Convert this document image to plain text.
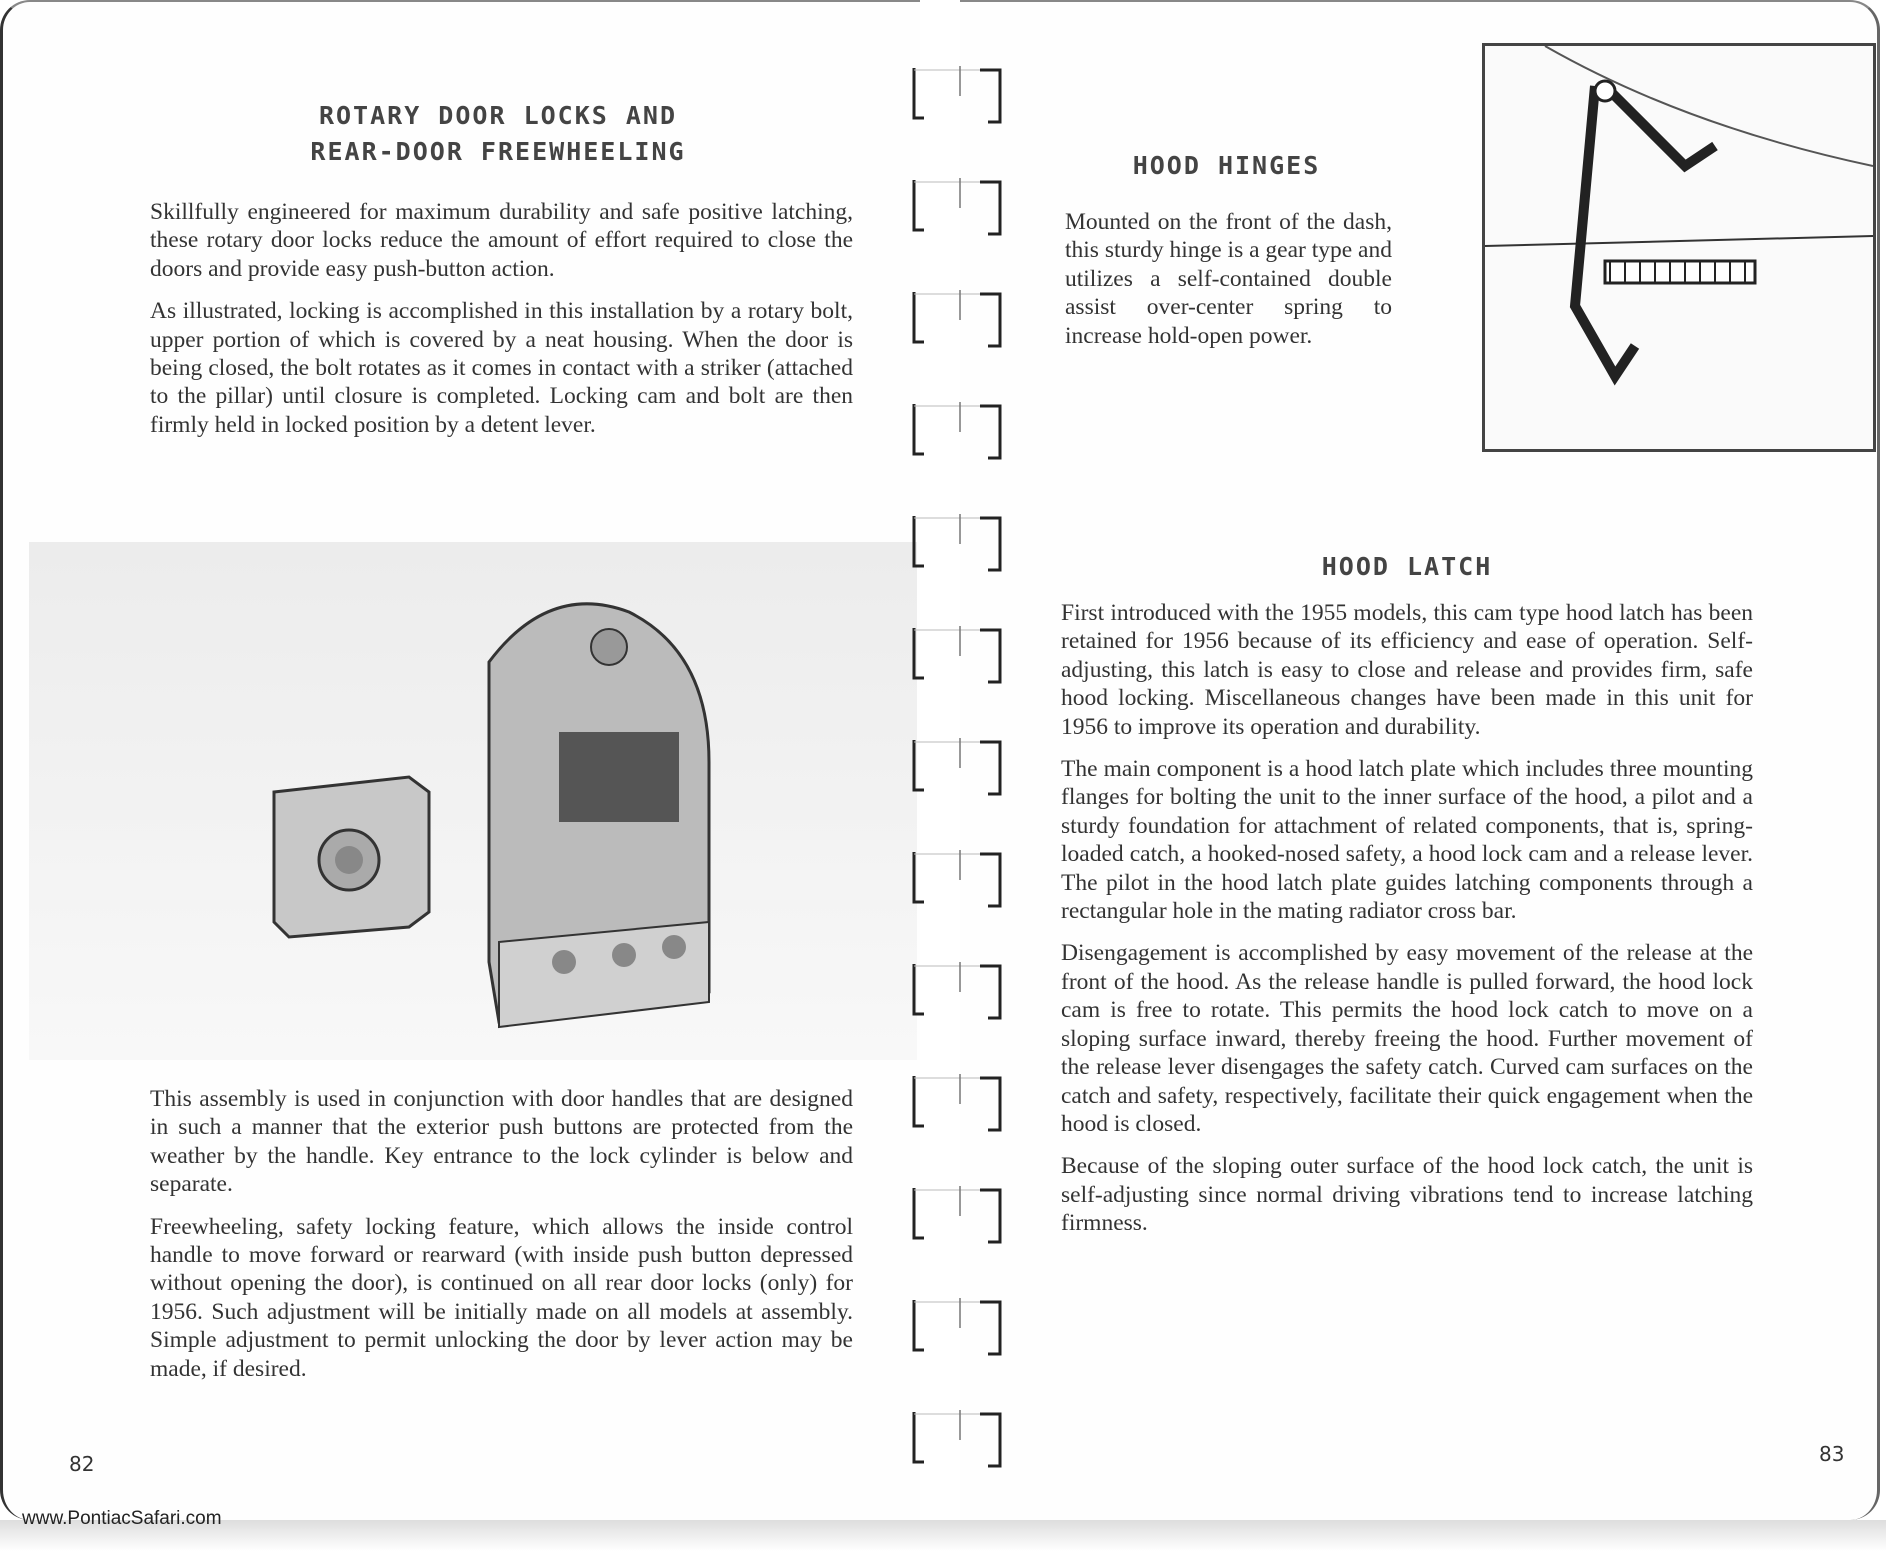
ROTARY DOOR LOCKS AND
REAR-DOOR FREEWHEELING

Skillfully engineered for maximum durability and safe positive latching, these rotary door locks reduce the amount of effort required to close the doors and provide easy push-button action.

As illustrated, locking is accomplished in this installation by a rotary bolt, upper portion of which is covered by a neat housing. When the door is being closed, the bolt rotates as it comes in contact with a striker (attached to the pillar) until closure is completed. Locking cam and bolt are then firmly held in locked position by a detent lever.

This assembly is used in conjunction with door handles that are designed in such a manner that the exterior push buttons are protected from the weather by the handle. Key entrance to the lock cylinder is below and separate.

Freewheeling, safety locking feature, which allows the inside control handle to move forward or rearward (with inside push button depressed without opening the door), is continued on all rear door locks (only) for 1956. Such adjustment will be initially made on all models at assembly. Simple adjustment to permit unlocking the door by lever action may be made, if desired.

82
HOOD HINGES

Mounted on the front of the dash, this sturdy hinge is a gear type and utilizes a self-contained double assist over-center spring to increase hold-open power.

HOOD LATCH

First introduced with the 1955 models, this cam type hood latch has been retained for 1956 because of its efficiency and ease of operation. Self-adjusting, this latch is easy to close and release and provides firm, safe hood locking. Miscellaneous changes have been made in this unit for 1956 to improve its operation and durability.

The main component is a hood latch plate which includes three mounting flanges for bolting the unit to the inner surface of the hood, a pilot and a sturdy foundation for attachment of related components, that is, spring-loaded catch, a hooked-nosed safety, a hood lock cam and a release lever. The pilot in the hood latch plate guides latching components through a rectangular hole in the mating radiator cross bar.

Disengagement is accomplished by easy movement of the release at the front of the hood. As the release handle is pulled forward, the hood lock cam is free to rotate. This permits the hood lock catch to move on a sloping surface inward, thereby freeing the hood. Further movement of the release lever disengages the safety catch. Curved cam surfaces on the catch and safety, respectively, facilitate their quick engagement when the hood is closed.

Because of the sloping outer surface of the hood lock catch, the unit is self-adjusting since normal driving vibrations tend to increase latching firmness.

83
www.PontiacSafari.com
